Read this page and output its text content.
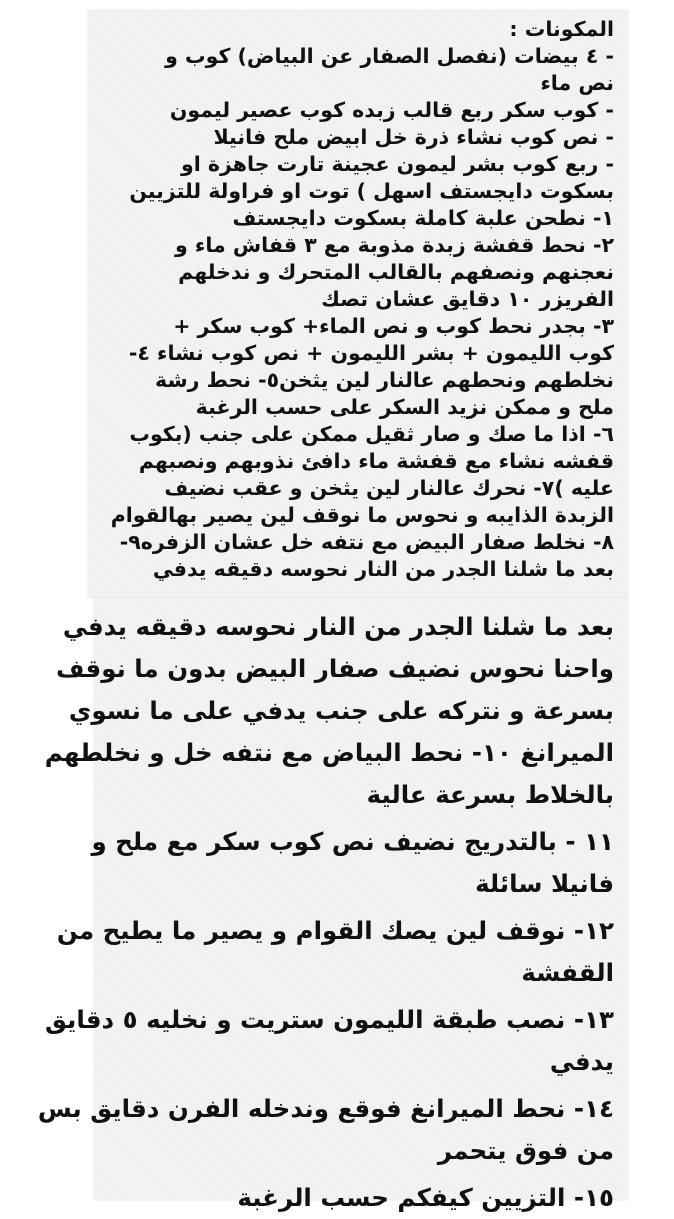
المكونات :

- ٤ بيضات (نفصل الصفار عن البياض) كوب و

نص ماء

- كوب سكر ربع قالب زبده كوب عصير ليمون

- نص كوب نشاء ذرة خل ابيض ملح فانيلا

- ربع كوب بشر ليمون عجينة تارت جاهزة او

بسكوت دايجستف اسهل ) توت او فراولة للتزيين

١- نطحن علبة كاملة بسكوت دايجستف

٢- نحط قفشة زبدة مذوبة مع ٣ قفاش ماء و

نعجنهم ونصفهم بالقالب المتحرك و ندخلهم

الفريزر ١٠ دقايق عشان تصك

٣- بجدر نحط كوب و نص الماء+ كوب سكر +

كوب الليمون + بشر الليمون + نص كوب نشاء ٤-

نخلطهم ونحطهم عالنار لين يثخن٥- نحط رشة

ملح و ممكن نزيد السكر على حسب الرغبة

٦- اذا ما صك و صار ثقيل ممكن على جنب (بكوب

قفشه نشاء مع قفشة ماء دافئ نذوبهم ونصبهم

عليه )٧- نحرك عالنار لين يثخن و عقب نضيف

الزبدة الذايبه و نحوس ما نوقف لين يصير بهالقوام

٨- نخلط صفار البيض مع نتفه خل عشان الزفره٩-

بعد ما شلنا الجدر من النار نحوسه دقيقه يدفي

بعد ما شلنا الجدر من النار نحوسه دقيقه يدفي

واحنا نحوس نضيف صفار البيض بدون ما نوقف

بسرعة و نتركه على جنب يدفي على ما نسوي

الميرانغ ١٠- نحط البياض مع نتفه خل و نخلطهم

بالخلاط بسرعة عالية

١١ - بالتدريج نضيف نص كوب سكر مع ملح و

فانيلا سائلة

١٢- نوقف لين يصك القوام و يصير ما يطيح من

القفشة

١٣- نصب طبقة الليمون ستريت و نخليه ٥ دقايق

يدفي

١٤- نحط الميرانغ فوقع وندخله الفرن دقايق بس

من فوق يتحمر

١٥- التزيين كيفكم حسب الرغبة
